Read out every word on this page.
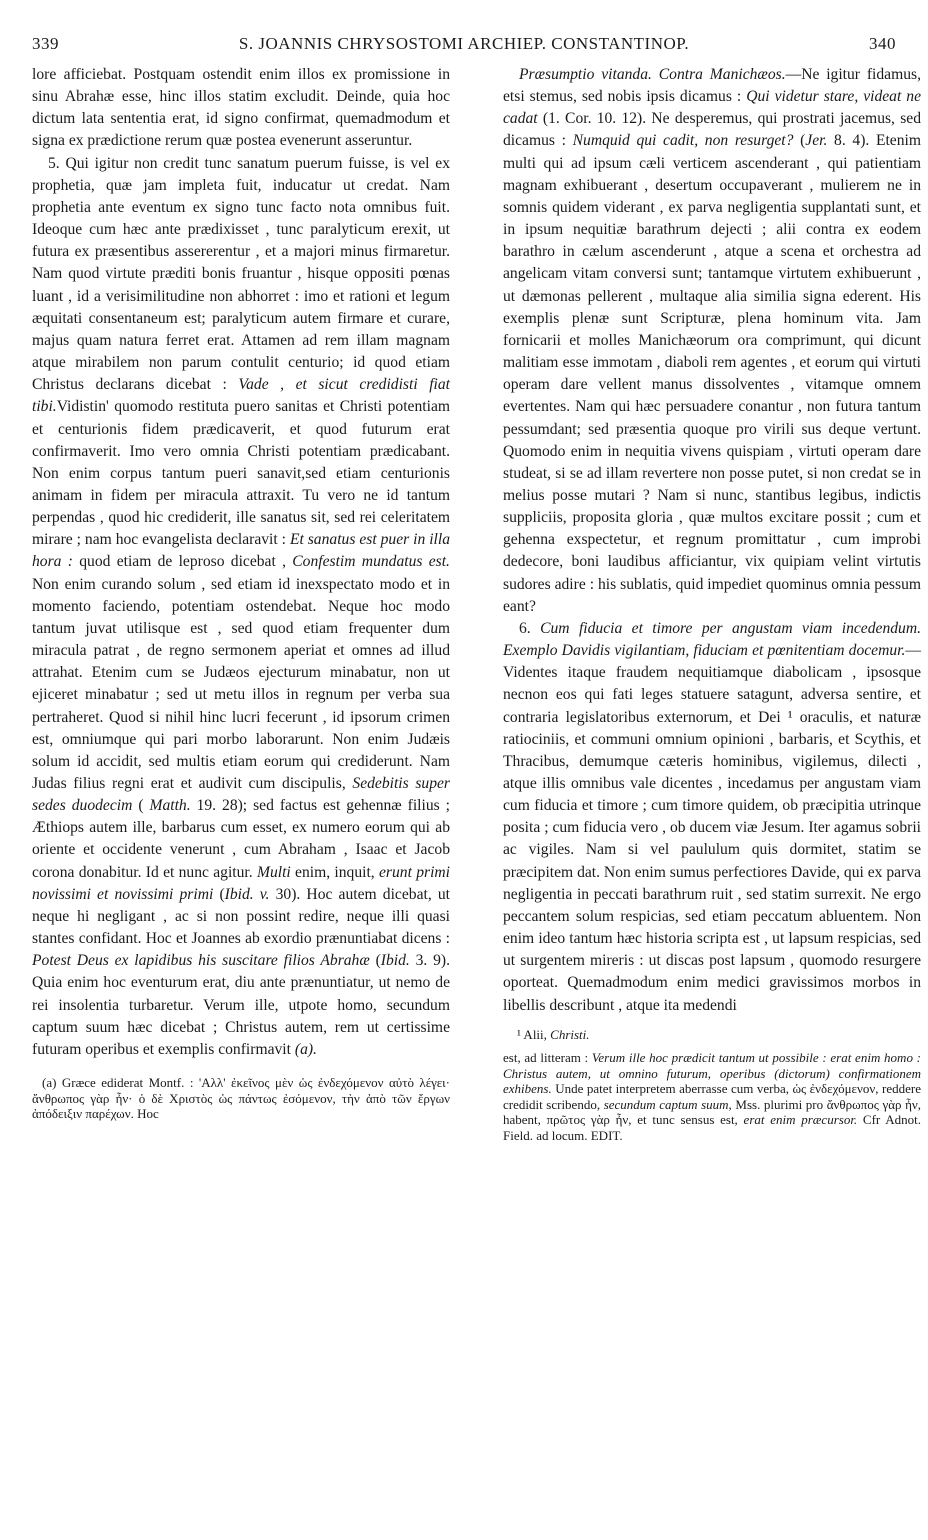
339	S. JOANNIS CHRYSOSTOMI ARCHIEP. CONSTANTINOP.	340

lore afficiebat. Postquam ostendit enim illos ex promissione in sinu Abrahæ esse, hinc illos statim excludit. Deinde, quia hoc dictum lata sententia erat, id signo confirmat, quemadmodum et signa ex prædictione rerum quæ postea evenerunt asseruntur.

5. Qui igitur non credit tunc sanatum puerum fuisse, is vel ex prophetia, quæ jam impleta fuit, inducatur ut credat. Nam prophetia ante eventum ex signo tunc facto nota omnibus fuit. Ideoque cum hæc ante prædixisset , tunc paralyticum erexit, ut futura ex præsentibus assererentur , et a majori minus firmaretur. Nam quod virtute præditi bonis fruantur , hisque oppositi pœnas luant , id a verisimilitudine non abhorret : imo et rationi et legum æquitati consentaneum est; paralyticum autem firmare et curare, majus quam natura ferret erat. Attamen ad rem illam magnam atque mirabilem non parum contulit centurio; id quod etiam Christus declarans dicebat : Vade , et sicut credidisti fiat tibi.Vidistin' quomodo restituta puero sanitas et Christi potentiam et centurionis fidem prædicaverit, et quod futurum erat confirmaverit. Imo vero omnia Christi potentiam prædicabant. Non enim corpus tantum pueri sanavit,sed etiam centurionis animam in fidem per miracula attraxit. Tu vero ne id tantum perpendas , quod hic crediderit, ille sanatus sit, sed rei celeritatem mirare ; nam hoc evangelista declaravit : Et sanatus est puer in illa hora : quod etiam de leproso dicebat , Confestim mundatus est. Non enim curando solum , sed etiam id inexspectato modo et in momento faciendo, potentiam ostendebat. Neque hoc modo tantum juvat utilisque est , sed quod etiam frequenter dum miracula patrat , de regno sermonem aperiat et omnes ad illud attrahat. Etenim cum se Judæos ejecturum minabatur, non ut ejiceret minabatur ; sed ut metu illos in regnum per verba sua pertraheret. Quod si nihil hinc lucri fecerunt , id ipsorum crimen est, omniumque qui pari morbo laborarunt. Non enim Judæis solum id accidit, sed multis etiam eorum qui crediderunt. Nam Judas filius regni erat et audivit cum discipulis, Sedebitis super sedes duodecim ( Matth. 19. 28); sed factus est gehennæ filius ; Æthiops autem ille, barbarus cum esset, ex numero eorum qui ab oriente et occidente venerunt , cum Abraham , Isaac et Jacob corona donabitur. Id et nunc agitur. Multi enim, inquit, erunt primi novissimi et novissimi primi (Ibid. v. 30). Hoc autem dicebat, ut neque hi negligant , ac si non possint redire, neque illi quasi stantes confidant. Hoc et Joannes ab exordio prænuntiabat dicens : Potest Deus ex lapidibus his suscitare filios Abrahæ (Ibid. 3. 9). Quia enim hoc eventurum erat, diu ante prænuntiatur, ut nemo de rei insolentia turbaretur. Verum ille, utpote homo, secundum captum suum hæc dicebat ; Christus autem, rem ut certissime futuram operibus et exemplis confirmavit (a).

(a) Græce ediderat Montf. : 'Αλλ' ἐκεῖνος μὲν ὡς ἐνδεχόμενον αὐτὸ λέγει· ἄνθρωπος γὰρ ἦν· ὁ δὲ Χριστὸς ὡς πάντως ἐσόμενον, τὴν ἀπὸ τῶν ἔργων ἀπόδειξιν παρέχων. Hoc

Præsumptio vitanda. Contra Manichæos.—Ne igitur fidamus, etsi stemus, sed nobis ipsis dicamus : Qui videtur stare, videat ne cadat (1. Cor. 10. 12). Ne desperemus, qui prostrati jacemus, sed dicamus : Numquid qui cadit, non resurget? (Jer. 8. 4). Etenim multi qui ad ipsum cæli verticem ascenderant , qui patientiam magnam exhibuerant , desertum occupaverant , mulierem ne in somnis quidem viderant , ex parva negligentia supplantati sunt, et in ipsum nequitiæ barathrum dejecti ; alii contra ex eodem barathro in cælum ascenderunt , atque a scena et orchestra ad angelicam vitam conversi sunt; tantamque virtutem exhibuerunt , ut dæmonas pellerent , multaque alia similia signa ederent. His exemplis plenæ sunt Scripturæ, plena hominum vita. Jam fornicarii et molles Manichæorum ora comprimunt, qui dicunt malitiam esse immotam , diaboli rem agentes , et eorum qui virtuti operam dare vellent manus dissolventes , vitamque omnem evertentes. Nam qui hæc persuadere conantur , non futura tantum pessumdant; sed præsentia quoque pro virili sus deque vertunt. Quomodo enim in nequitia vivens quispiam , virtuti operam dare studeat, si se ad illam revertere non posse putet, si non credat se in melius posse mutari ? Nam si nunc, stantibus legibus, indictis suppliciis, proposita gloria , quæ multos excitare possit ; cum et gehenna exspectetur, et regnum promittatur , cum improbi dedecore, boni laudibus afficiantur, vix quipiam velint virtutis sudores adire : his sublatis, quid impediet quominus omnia pessum eant?

6. Cum fiducia et timore per angustam viam incedendum. Exemplo Davidis vigilantiam, fiduciam et pœnitentiam docemur.—Videntes itaque fraudem nequitiamque diabolicam , ipsosque necnon eos qui fati leges statuere satagunt, adversa sentire, et contraria legislatoribus externorum, et Dei ¹ oraculis, et naturæ ratiociniis, et communi omnium opinioni , barbaris, et Scythis, et Thracibus, demumque cæteris hominibus, vigilemus, dilecti , atque illis omnibus vale dicentes , incedamus per angustam viam cum fiducia et timore ; cum timore quidem, ob præcipitia utrinque posita ; cum fiducia vero , ob ducem viæ Jesum. Iter agamus sobrii ac vigiles. Nam si vel paululum quis dormitet, statim se præcipitem dat. Non enim sumus perfectiores Davide, qui ex parva negligentia in peccati barathrum ruit , sed statim surrexit. Ne ergo peccantem solum respicias, sed etiam peccatum abluentem. Non enim ideo tantum hæc historia scripta est , ut lapsum respicias, sed ut surgentem mireris : ut discas post lapsum , quomodo resurgere oporteat. Quemadmodum enim medici gravissimos morbos in libellis describunt , atque ita medendi

¹ Alii, Christi.

est, ad litteram : Verum ille hoc prædicit tantum ut possibile : erat enim homo : Christus autem, ut omnino futurum, operibus (dictorum) confirmationem exhibens. Unde patet interpretem aberrasse cum verba, ὡς ἐνδεχόμενον, reddere credidit scribendo, secundum captum suum, Mss. plurimi pro ἄνθρωπος γὰρ ἦν, habent, πρῶτος γὰρ ἦν, et tunc sensus est, erat enim præcursor. Cfr Adnot. Field. ad locum. EDIT.
